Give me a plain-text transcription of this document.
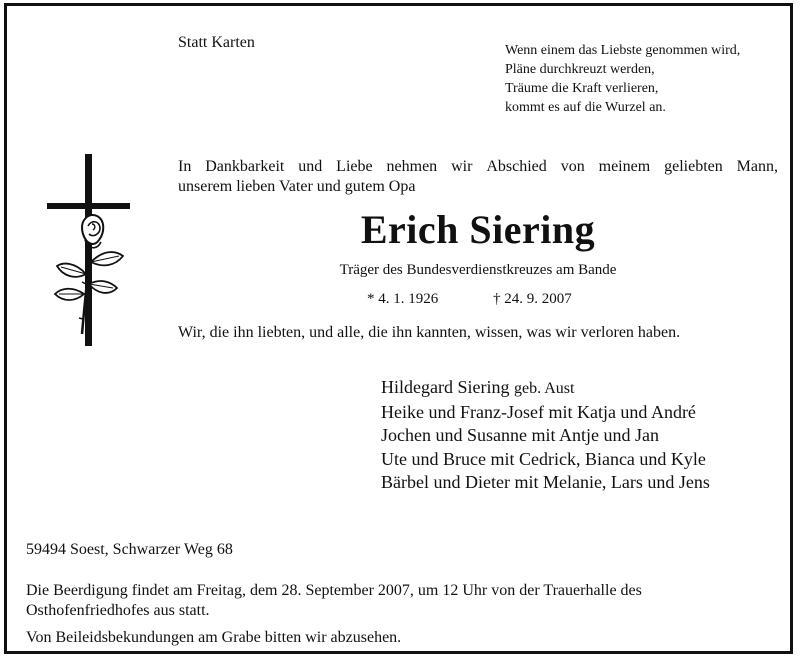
Statt Karten	Wenn einem das Liebste genommen wird,
Pläne durchkreuzt werden,
Träume die Kraft verlieren,
kommt es auf die Wurzel an.
In Dankbarkeit und Liebe nehmen wir Abschied von meinem geliebten Mann,
unserem lieben Vater und gutem Opa
Erich Siering
Träger des Bundesverdienstkreuzes am Bande
* 4. 1. 1926	† 24. 9. 2007
Wir, die ihn liebten, und alle, die ihn kannten, wissen, was wir verloren haben.
Hildegard Siering geb. Aust
Heike und Franz-Josef mit Katja und André
Jochen und Susanne mit Antje und Jan
Ute und Bruce mit Cedrick, Bianca und Kyle
Bärbel und Dieter mit Melanie, Lars und Jens
59494 Soest, Schwarzer Weg 68
Die Beerdigung findet am Freitag, dem 28. September 2007, um 12 Uhr von der Trauerhalle des
Osthofenfriedhofes aus statt.
Von Beileidsbekundungen am Grabe bitten wir abzusehen.
